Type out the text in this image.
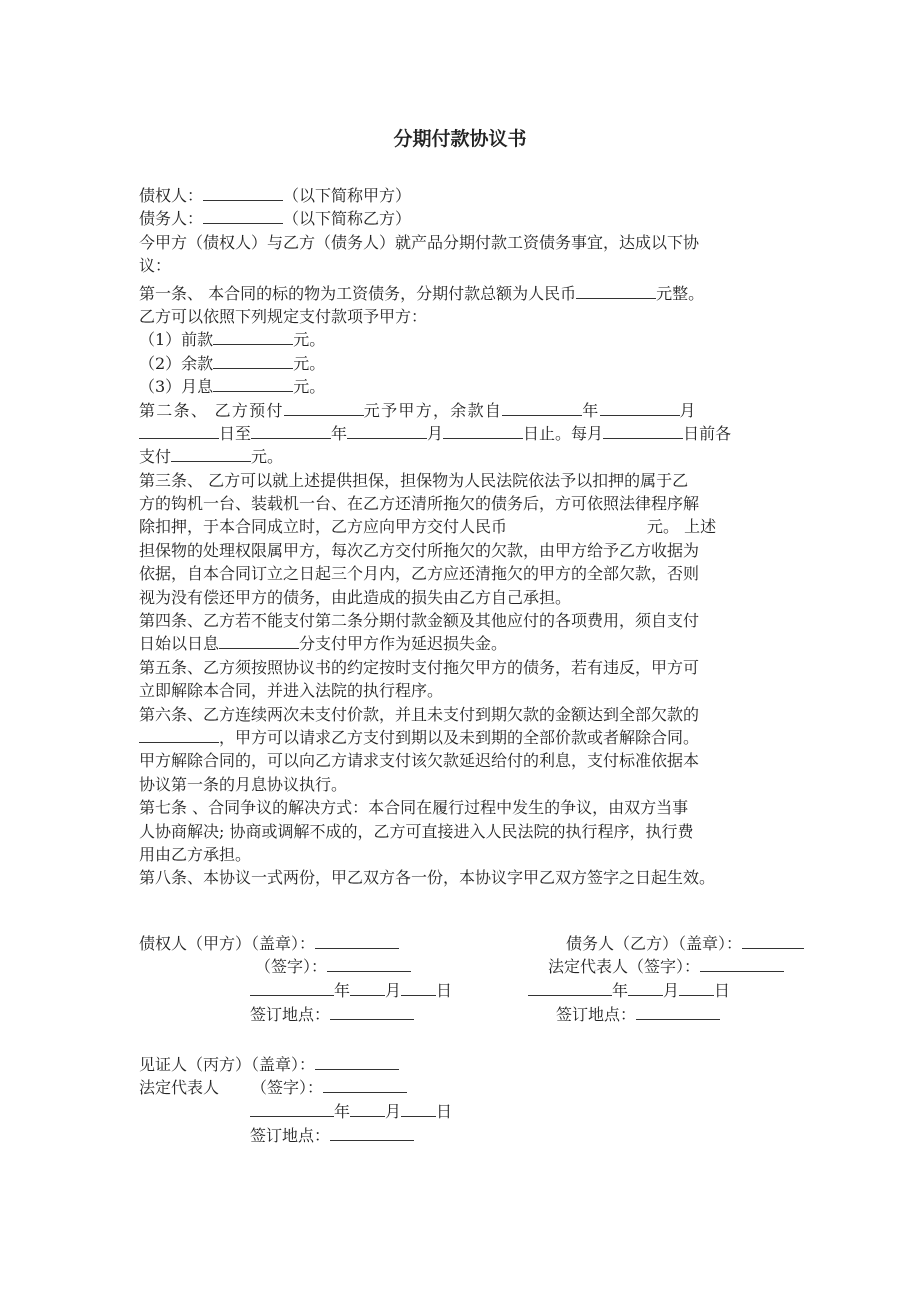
分期付款协议书
债权人：	（以下简称甲方）
债务人：	（以下简称乙方）
今甲方（债权人）与乙方（债务人）就产品分期付款工资债务事宜，达成以下协
议：
第一条、 本合同的标的物为工资债务，分期付款总额为人民币	元整。
乙方可以依照下列规定支付款项予甲方：
（1）前款	元。
（2）余款	元。
（3）月息	元。
第二条、 乙方预付	元予甲方，余款自	年	月
日至	年	月	日止。每月	日前各
支付	元。
第三条、 乙方可以就上述提供担保，担保物为人民法院依法予以扣押的属于乙
方的钩机一台、装载机一台、在乙方还清所拖欠的债务后，方可依照法律程序解
除扣押，于本合同成立时，乙方应向甲方交付人民币	元。 上述
担保物的处理权限属甲方，每次乙方交付所拖欠的欠款，由甲方给予乙方收据为
依据，自本合同订立之日起三个月内，乙方应还清拖欠的甲方的全部欠款，否则
视为没有偿还甲方的债务，由此造成的损失由乙方自己承担。
第四条、乙方若不能支付第二条分期付款金额及其他应付的各项费用，须自支付
日始以日息	分支付甲方作为延迟损失金。
第五条、乙方须按照协议书的约定按时支付拖欠甲方的债务，若有违反，甲方可
立即解除本合同，并进入法院的执行程序。
第六条、乙方连续两次未支付价款，并且未支付到期欠款的金额达到全部欠款的
，甲方可以请求乙方支付到期以及未到期的全部价款或者解除合同。
甲方解除合同的，可以向乙方请求支付该欠款延迟给付的利息，支付标准依据本
协议第一条的月息协议执行。
第七条 、合同争议的解决方式：本合同在履行过程中发生的争议，由双方当事
人协商解决; 协商或调解不成的，乙方可直接进入人民法院的执行程序，执行费
用由乙方承担。
第八条、本协议一式两份，甲乙双方各一份，本协议字甲乙双方签字之日起生效。
债权人（甲方）（盖章）：
（签字）：
年 月 日
签订地点：
债务人（乙方）（盖章）：
法定代表人（签字）：
年 月 日
签订地点：
见证人（丙方）（盖章）：
法定代表人 （签字）：
年 月 日
签订地点：
